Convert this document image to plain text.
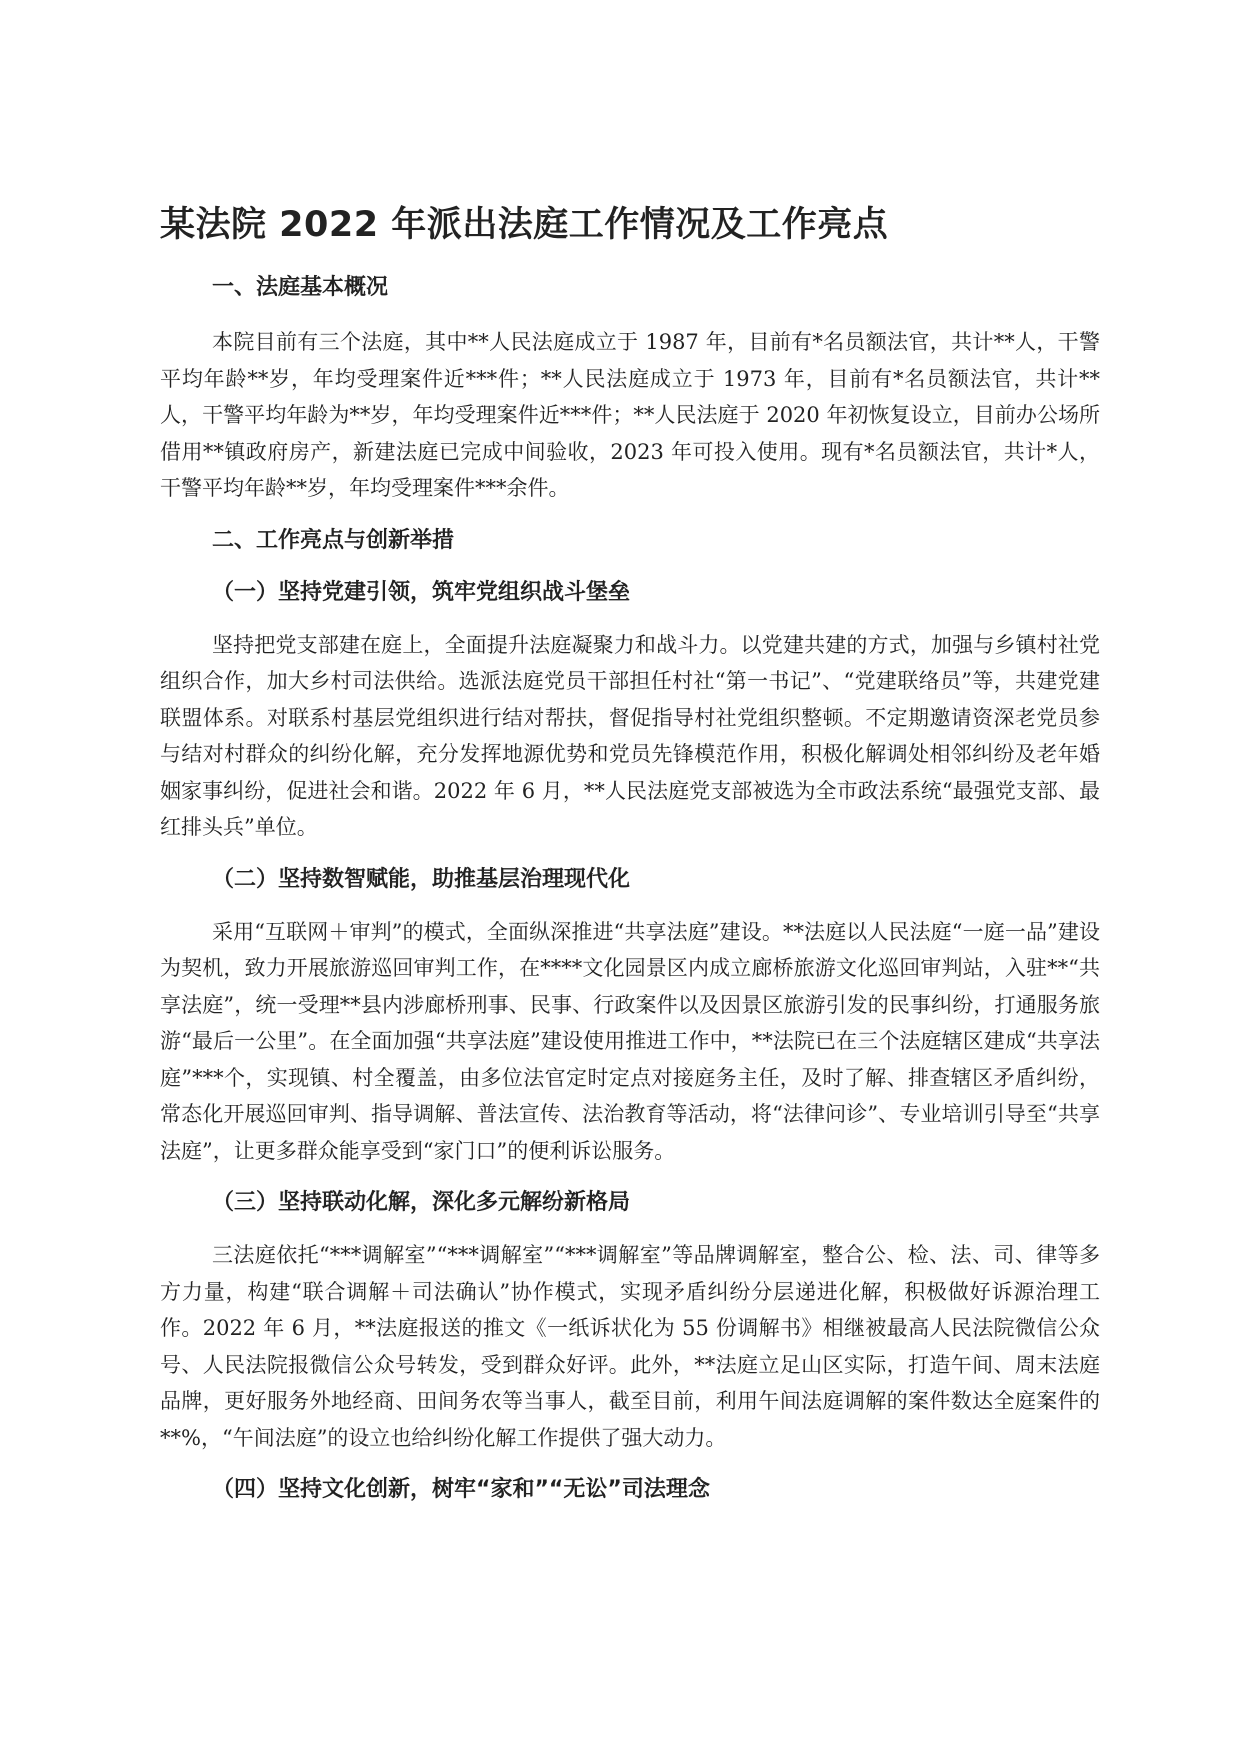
某法院 2022 年派出法庭工作情况及工作亮点
一、法庭基本概况

本院目前有三个法庭，其中**人民法庭成立于 1987 年，目前有*名员额法官，共计**人，干警平均年龄**岁，年均受理案件近***件；**人民法庭成立于 1973 年，目前有*名员额法官，共计**人，干警平均年龄为**岁，年均受理案件近***件；**人民法庭于 2020 年初恢复设立，目前办公场所借用**镇政府房产，新建法庭已完成中间验收，2023 年可投入使用。现有*名员额法官，共计*人，干警平均年龄**岁，年均受理案件***余件。

二、工作亮点与创新举措
（一）坚持党建引领，筑牢党组织战斗堡垒

坚持把党支部建在庭上，全面提升法庭凝聚力和战斗力。以党建共建的方式，加强与乡镇村社党组织合作，加大乡村司法供给。选派法庭党员干部担任村社“第一书记”、“党建联络员”等，共建党建联盟体系。对联系村基层党组织进行结对帮扶，督促指导村社党组织整顿。不定期邀请资深老党员参与结对村群众的纠纷化解，充分发挥地源优势和党员先锋模范作用，积极化解调处相邻纠纷及老年婚姻家事纠纷，促进社会和谐。2022 年 6 月，**人民法庭党支部被选为全市政法系统“最强党支部、最红排头兵”单位。

（二）坚持数智赋能，助推基层治理现代化

采用“互联网＋审判”的模式，全面纵深推进“共享法庭”建设。**法庭以人民法庭“一庭一品”建设为契机，致力开展旅游巡回审判工作，在****文化园景区内成立廊桥旅游文化巡回审判站，入驻**“共享法庭”，统一受理**县内涉廊桥刑事、民事、行政案件以及因景区旅游引发的民事纠纷，打通服务旅游“最后一公里”。在全面加强“共享法庭”建设使用推进工作中，**法院已在三个法庭辖区建成“共享法庭”***个，实现镇、村全覆盖，由多位法官定时定点对接庭务主任，及时了解、排查辖区矛盾纠纷，常态化开展巡回审判、指导调解、普法宣传、法治教育等活动，将“法律问诊”、专业培训引导至“共享法庭”，让更多群众能享受到“家门口”的便利诉讼服务。

（三）坚持联动化解，深化多元解纷新格局

三法庭依托“***调解室”“***调解室”“***调解室”等品牌调解室，整合公、检、法、司、律等多方力量，构建“联合调解＋司法确认”协作模式，实现矛盾纠纷分层递进化解，积极做好诉源治理工作。2022 年 6 月，**法庭报送的推文《一纸诉状化为 55 份调解书》相继被最高人民法院微信公众号、人民法院报微信公众号转发，受到群众好评。此外，**法庭立足山区实际，打造午间、周末法庭品牌，更好服务外地经商、田间务农等当事人，截至目前，利用午间法庭调解的案件数达全庭案件的**%，“午间法庭”的设立也给纠纷化解工作提供了强大动力。

（四）坚持文化创新，树牢“家和”“无讼”司法理念
